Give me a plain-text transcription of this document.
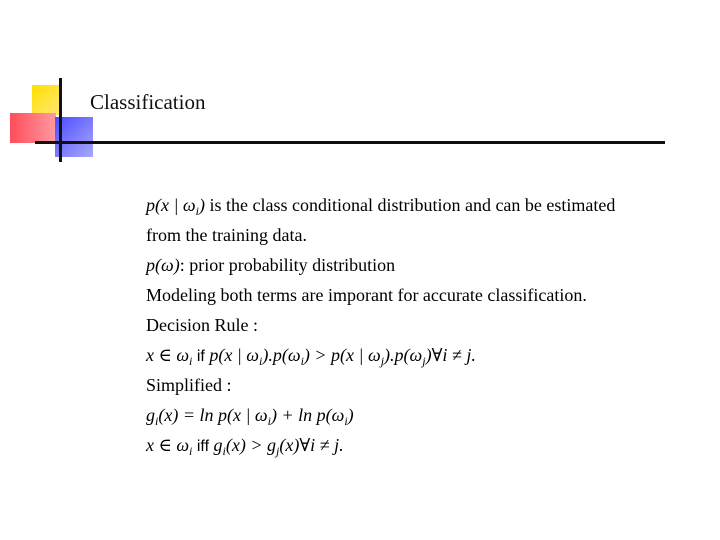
Classification
p(x | $\omega_i$) is the class conditional distribution and can be estimated
from the training data.
p(ω): prior probability distribution
Modeling both terms are imporant for accurate classification.
Decision Rule :
x ∈ $\omega_i$ if p(x | $\omega_i).p(\omega_i) > p(x$ | $\omega_j).p(\omega_j)\forall i \ne j$.
Simplified :
$g_i(x) = \ln p(x$ | $\omega_i) + \ln p(\omega_i)$
x ∈ $\omega_i$ iff $g_i(x)$ > $g_j(x)\forall i \ne j$.
